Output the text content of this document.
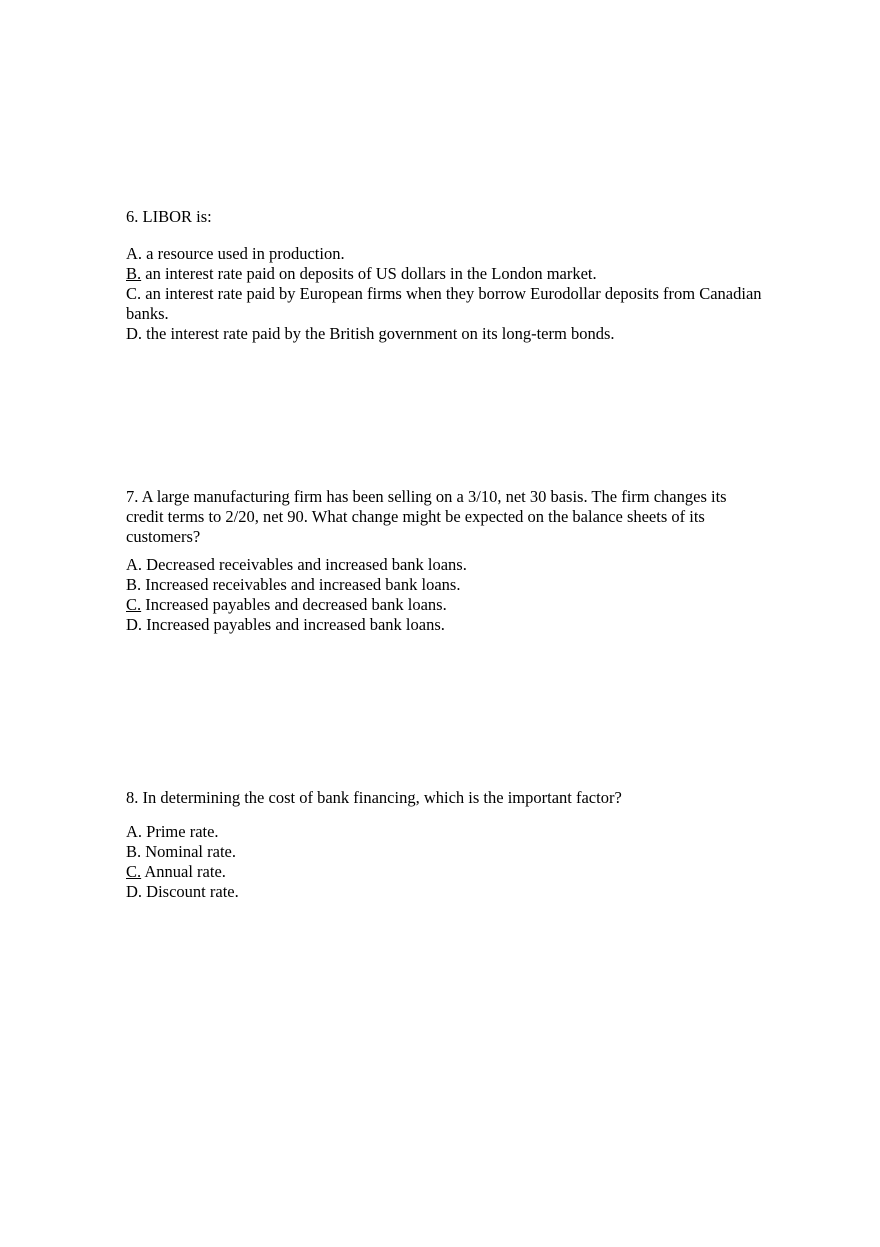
6. LIBOR is:

A. a resource used in production.
B. an interest rate paid on deposits of US dollars in the London market.
C. an interest rate paid by European firms when they borrow Eurodollar deposits from Canadian banks.
D. the interest rate paid by the British government on its long-term bonds.

7. A large manufacturing firm has been selling on a 3/10, net 30 basis. The firm changes its credit terms to 2/20, net 90. What change might be expected on the balance sheets of its customers?

A. Decreased receivables and increased bank loans.
B. Increased receivables and increased bank loans.
C. Increased payables and decreased bank loans.
D. Increased payables and increased bank loans.

8. In determining the cost of bank financing, which is the important factor?

A. Prime rate.
B. Nominal rate.
C. Annual rate.
D. Discount rate.
